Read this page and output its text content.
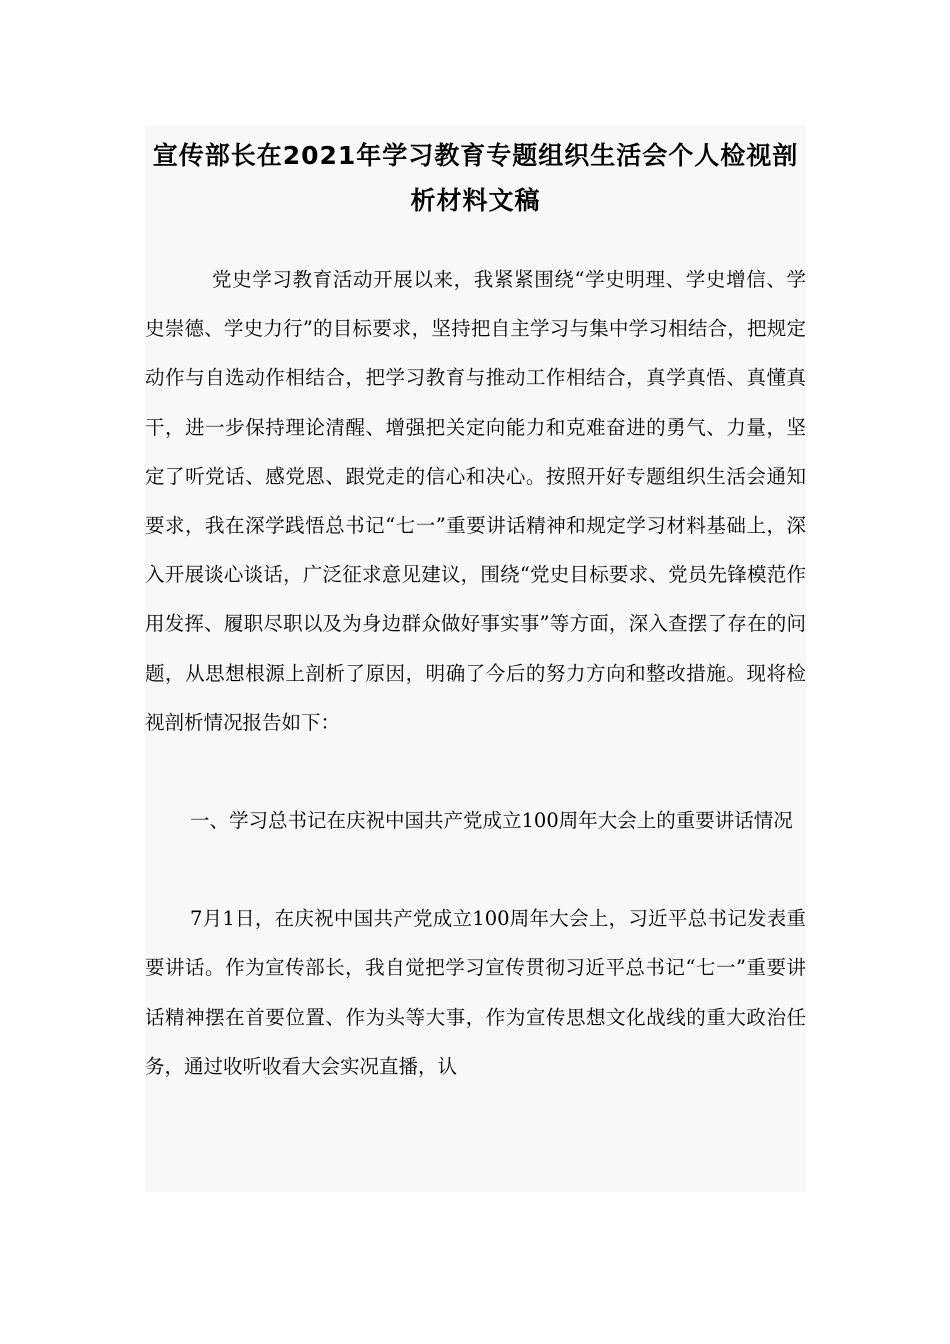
宣传部长在2021年学习教育专题组织生活会个人检视剖析材料文稿

党史学习教育活动开展以来，我紧紧围绕“学史明理、学史增信、学史崇德、学史力行”的目标要求，坚持把自主学习与集中学习相结合，把规定动作与自选动作相结合，把学习教育与推动工作相结合，真学真悟、真懂真干，进一步保持理论清醒、增强把关定向能力和克难奋进的勇气、力量，坚定了听党话、感党恩、跟党走的信心和决心。按照开好专题组织生活会通知要求，我在深学践悟总书记“七一”重要讲话精神和规定学习材料基础上，深入开展谈心谈话，广泛征求意见建议，围绕“党史目标要求、党员先锋模范作用发挥、履职尽职以及为身边群众做好事实事”等方面，深入查摆了存在的问题，从思想根源上剖析了原因，明确了今后的努力方向和整改措施。现将检视剖析情况报告如下：

一、学习总书记在庆祝中国共产党成立100周年大会上的重要讲话情况

7月1日，在庆祝中国共产党成立100周年大会上，习近平总书记发表重要讲话。作为宣传部长，我自觉把学习宣传贯彻习近平总书记“七一”重要讲话精神摆在首要位置、作为头等大事，作为宣传思想文化战线的重大政治任务，通过收听收看大会实况直播，认
